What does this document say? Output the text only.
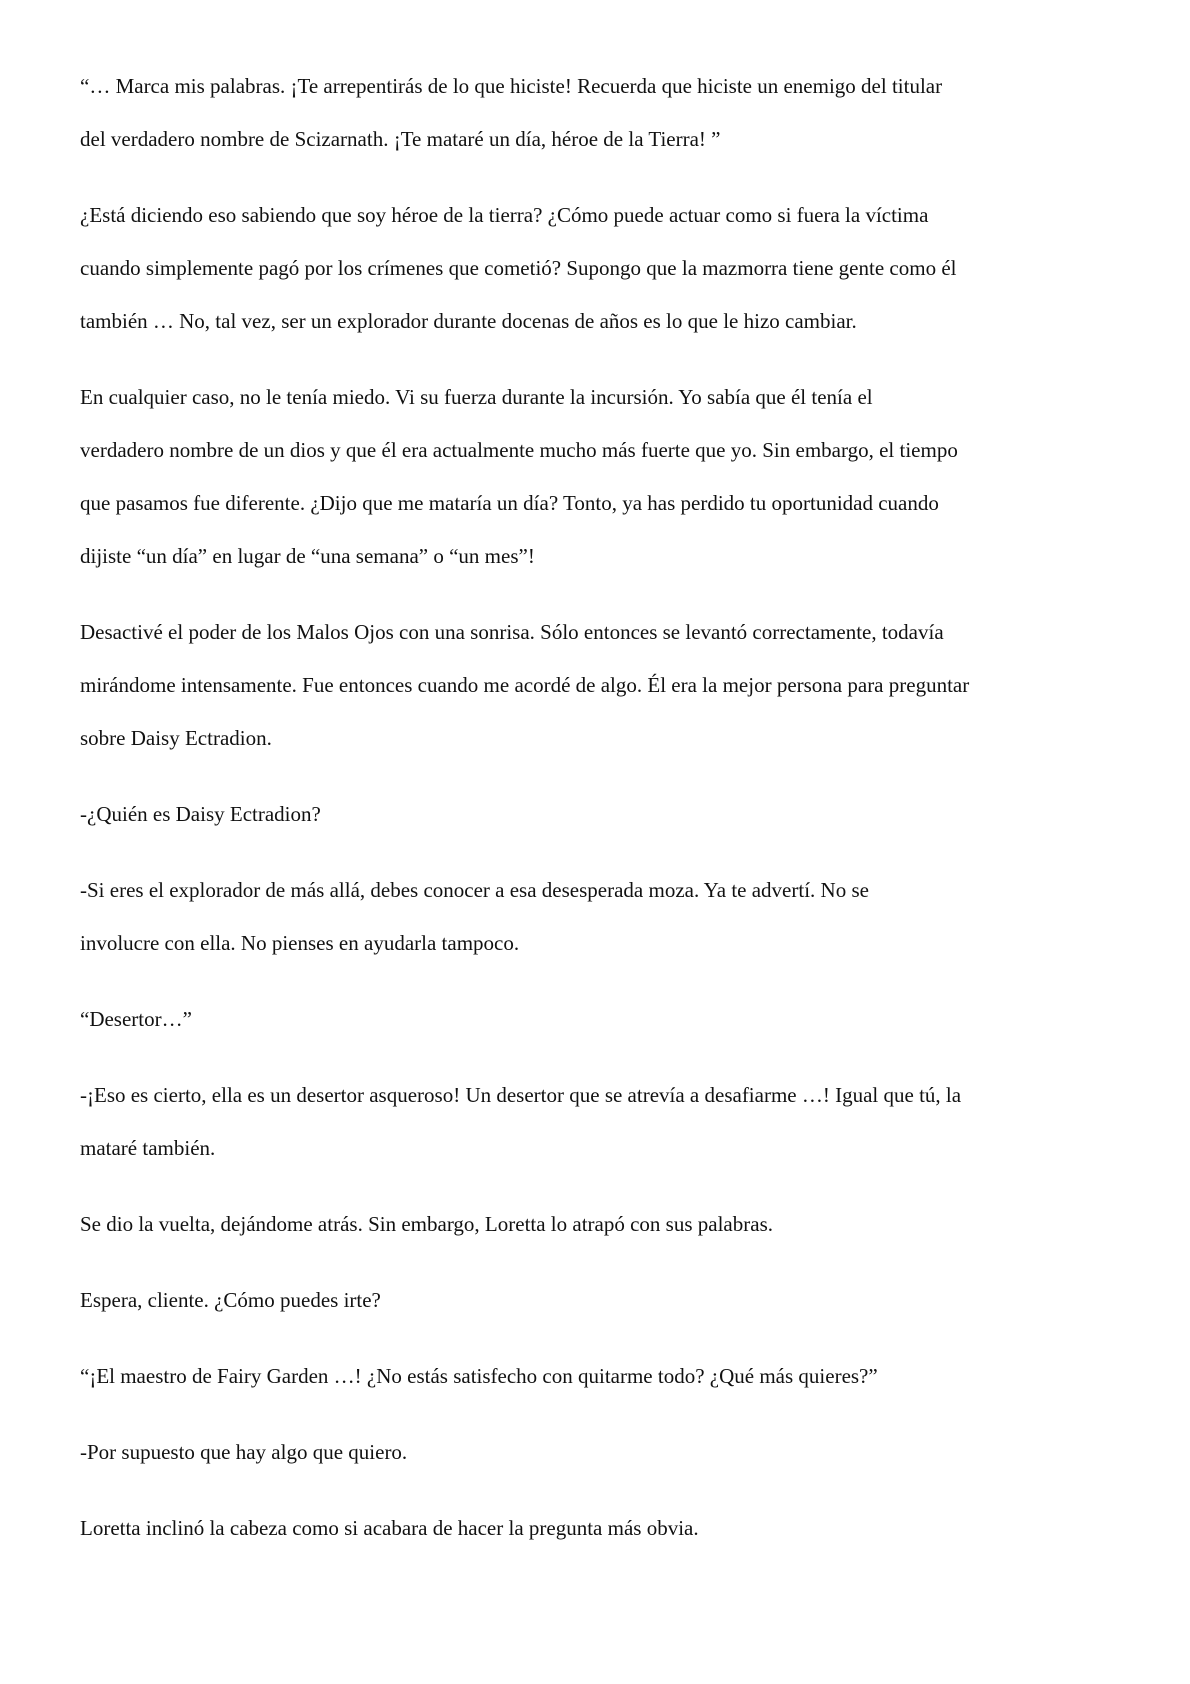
“… Marca mis palabras. ¡Te arrepentirás de lo que hiciste! Recuerda que hiciste un enemigo del titular
del verdadero nombre de Scizarnath. ¡Te mataré un día, héroe de la Tierra! ”

¿Está diciendo eso sabiendo que soy héroe de la tierra? ¿Cómo puede actuar como si fuera la víctima
cuando simplemente pagó por los crímenes que cometió? Supongo que la mazmorra tiene gente como él
también … No, tal vez, ser un explorador durante docenas de años es lo que le hizo cambiar.

En cualquier caso, no le tenía miedo. Vi su fuerza durante la incursión. Yo sabía que él tenía el
verdadero nombre de un dios y que él era actualmente mucho más fuerte que yo. Sin embargo, el tiempo
que pasamos fue diferente. ¿Dijo que me mataría un día? Tonto, ya has perdido tu oportunidad cuando
dijiste “un día” en lugar de “una semana” o “un mes”!

Desactivé el poder de los Malos Ojos con una sonrisa. Sólo entonces se levantó correctamente, todavía
mirándome intensamente. Fue entonces cuando me acordé de algo. Él era la mejor persona para preguntar
sobre Daisy Ectradion.

-¿Quién es Daisy Ectradion?

-Si eres el explorador de más allá, debes conocer a esa desesperada moza. Ya te advertí. No se
involucre con ella. No pienses en ayudarla tampoco.

“Desertor…”

-¡Eso es cierto, ella es un desertor asqueroso! Un desertor que se atrevía a desafiarme …! Igual que tú, la
mataré también.

Se dio la vuelta, dejándome atrás. Sin embargo, Loretta lo atrapó con sus palabras.

Espera, cliente. ¿Cómo puedes irte?

“¡El maestro de Fairy Garden …! ¿No estás satisfecho con quitarme todo? ¿Qué más quieres?”

-Por supuesto que hay algo que quiero.

Loretta inclinó la cabeza como si acabara de hacer la pregunta más obvia.
